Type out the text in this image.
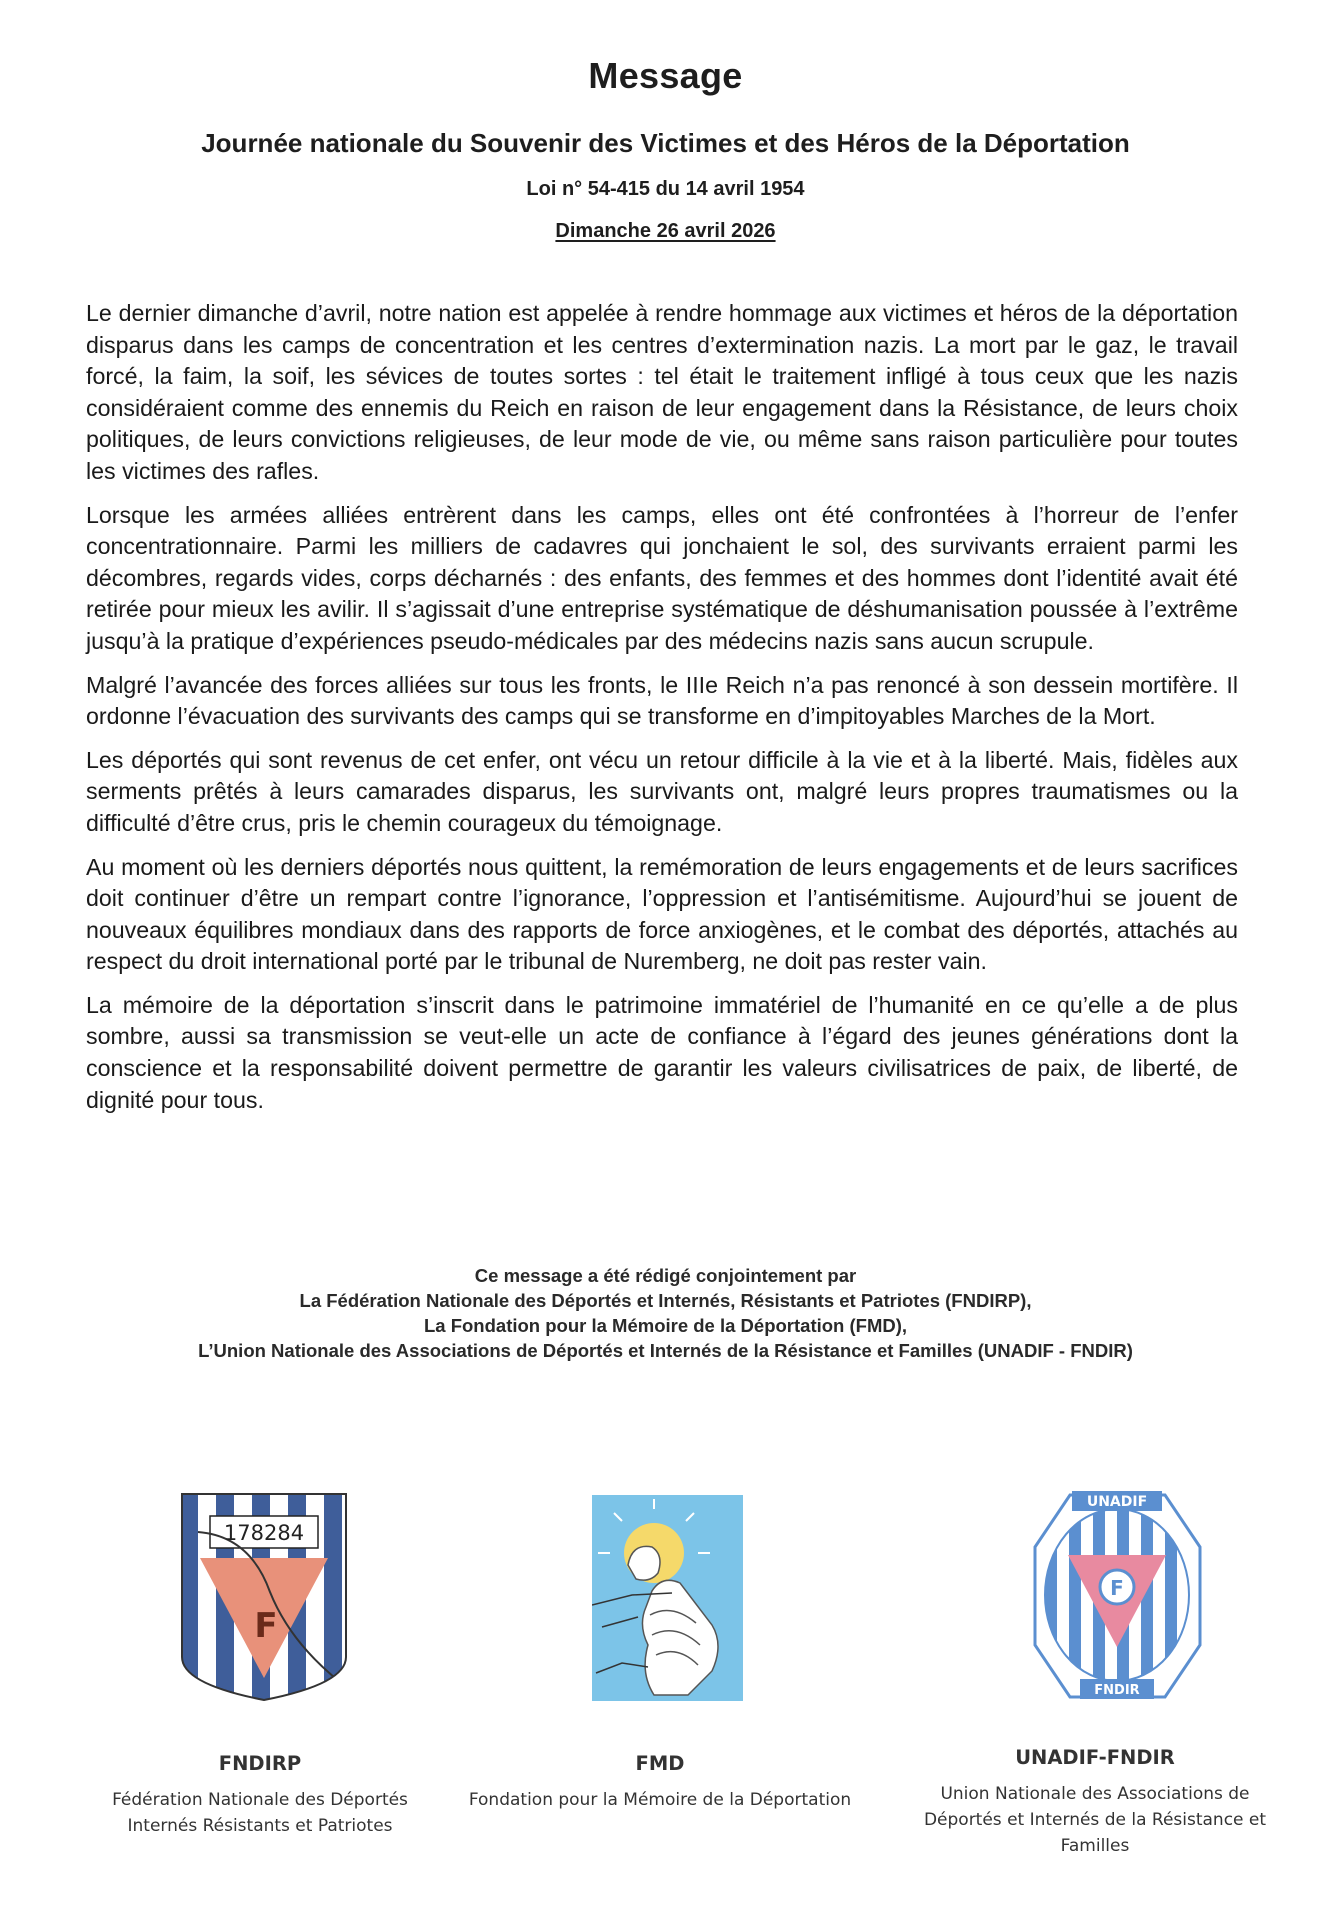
Message
Journée nationale du Souvenir des Victimes et des Héros de la Déportation
Loi n° 54-415 du 14 avril 1954
Dimanche 26 avril 2026

Le dernier dimanche d’avril, notre nation est appelée à rendre hommage aux victimes et héros de la déportation disparus dans les camps de concentration et les centres d’extermination nazis. La mort par le gaz, le travail forcé, la faim, la soif, les sévices de toutes sortes : tel était le traitement infligé à tous ceux que les nazis considéraient comme des ennemis du Reich en raison de leur engagement dans la Résistance, de leurs choix politiques, de leurs convictions religieuses, de leur mode de vie, ou même sans raison particulière pour toutes les victimes des rafles.

Lorsque les armées alliées entrèrent dans les camps, elles ont été confrontées à l’horreur de l’enfer concentrationnaire. Parmi les milliers de cadavres qui jonchaient le sol, des survivants erraient parmi les décombres, regards vides, corps décharnés : des enfants, des femmes et des hommes dont l’identité avait été retirée pour mieux les avilir. Il s’agissait d’une entreprise systématique de déshumanisation poussée à l’extrême jusqu’à la pratique d’expériences pseudo-médicales par des médecins nazis sans aucun scrupule.

Malgré l’avancée des forces alliées sur tous les fronts, le IIIe Reich n’a pas renoncé à son dessein mortifère. Il ordonne l’évacuation des survivants des camps qui se transforme en d’impitoyables Marches de la Mort.

Les déportés qui sont revenus de cet enfer, ont vécu un retour difficile à la vie et à la liberté. Mais, fidèles aux serments prêtés à leurs camarades disparus, les survivants ont, malgré leurs propres traumatismes ou la difficulté d’être crus, pris le chemin courageux du témoignage.

Au moment où les derniers déportés nous quittent, la remémoration de leurs engagements et de leurs sacrifices doit continuer d’être un rempart contre l’ignorance, l’oppression et l’antisémitisme. Aujourd’hui se jouent de nouveaux équilibres mondiaux dans des rapports de force anxiogènes, et le combat des déportés, attachés au respect du droit international porté par le tribunal de Nuremberg, ne doit pas rester vain.

La mémoire de la déportation s’inscrit dans le patrimoine immatériel de l’humanité en ce qu’elle a de plus sombre, aussi sa transmission se veut-elle un acte de confiance à l’égard des jeunes générations dont la conscience et la responsabilité doivent permettre de garantir les valeurs civilisatrices de paix, de liberté, de dignité pour tous.

Ce message a été rédigé conjointement par
La Fédération Nationale des Déportés et Internés, Résistants et Patriotes (FNDIRP),
La Fondation pour la Mémoire de la Déportation (FMD),
L’Union Nationale des Associations de Déportés et Internés de la Résistance et Familles (UNADIF - FNDIR)
178284
F
UNADIF
F
FNDIR
FNDIRP
Fédération Nationale des Déportés
Internés Résistants et Patriotes
FMD
Fondation pour la Mémoire de la Déportation
UNADIF-FNDIR
Union Nationale des Associations de
Déportés et Internés de la Résistance et
Familles
